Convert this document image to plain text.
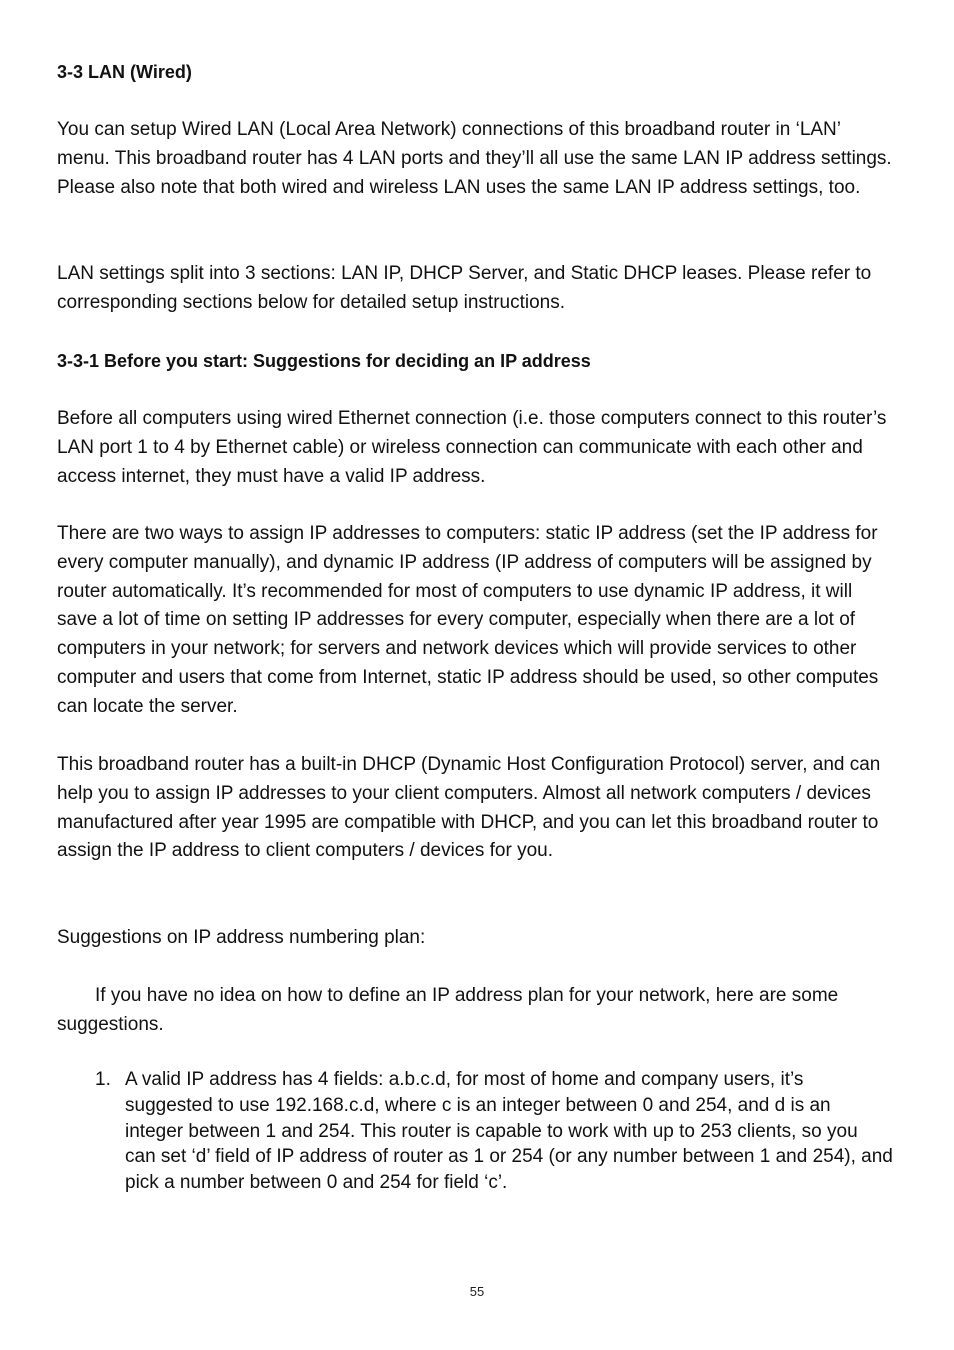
3-3 LAN (Wired)

You can setup Wired LAN (Local Area Network) connections of this broadband router in ‘LAN’ menu. This broadband router has 4 LAN ports and they’ll all use the same LAN IP address settings. Please also note that both wired and wireless LAN uses the same LAN IP address settings, too.

LAN settings split into 3 sections: LAN IP, DHCP Server, and Static DHCP leases. Please refer to corresponding sections below for detailed setup instructions.

3-3-1 Before you start: Suggestions for deciding an IP address

Before all computers using wired Ethernet connection (i.e. those computers connect to this router’s LAN port 1 to 4 by Ethernet cable) or wireless connection can communicate with each other and access internet, they must have a valid IP address.

There are two ways to assign IP addresses to computers: static IP address (set the IP address for every computer manually), and dynamic IP address (IP address of computers will be assigned by router automatically. It’s recommended for most of computers to use dynamic IP address, it will save a lot of time on setting IP addresses for every computer, especially when there are a lot of computers in your network; for servers and network devices which will provide services to other computer and users that come from Internet, static IP address should be used, so other computes can locate the server.

This broadband router has a built-in DHCP (Dynamic Host Configuration Protocol) server, and can help you to assign IP addresses to your client computers. Almost all network computers / devices manufactured after year 1995 are compatible with DHCP, and you can let this broadband router to assign the IP address to client computers / devices for you.

Suggestions on IP address numbering plan:

If you have no idea on how to define an IP address plan for your network, here are some suggestions.

1. A valid IP address has 4 fields: a.b.c.d, for most of home and company users, it’s suggested to use 192.168.c.d, where c is an integer between 0 and 254, and d is an integer between 1 and 254. This router is capable to work with up to 253 clients, so you can set ‘d’ field of IP address of router as 1 or 254 (or any number between 1 and 254), and pick a number between 0 and 254 for field ‘c’.
55
